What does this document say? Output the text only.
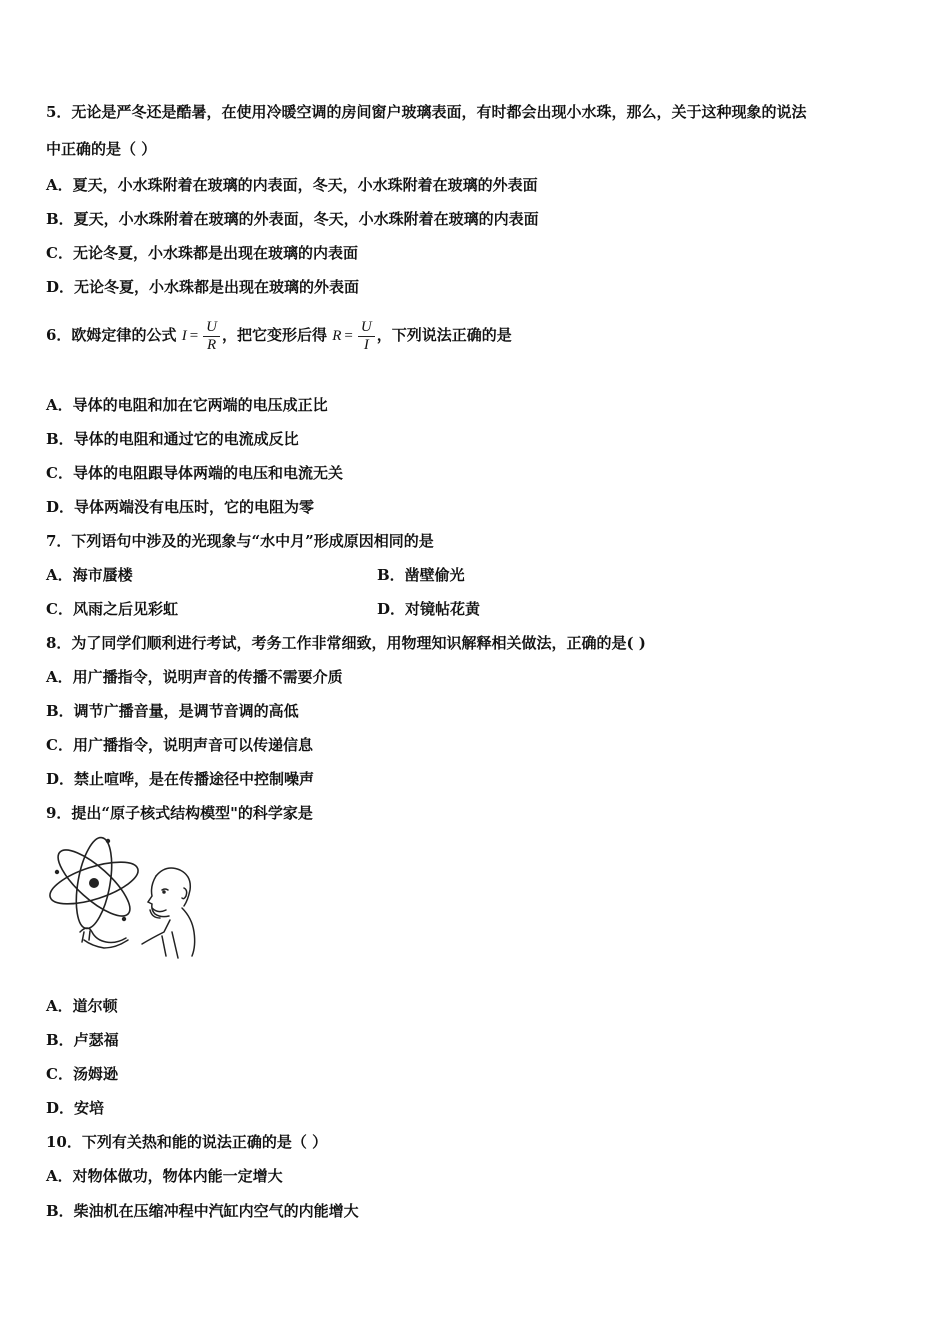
5．无论是严冬还是酷暑，在使用冷暖空调的房间窗户玻璃表面，有时都会出现小水珠，那么，关于这种现象的说法
中正确的是（ ）
A．夏天，小水珠附着在玻璃的内表面，冬天，小水珠附着在玻璃的外表面
B．夏天，小水珠附着在玻璃的外表面，冬天，小水珠附着在玻璃的内表面
C．无论冬夏，小水珠都是出现在玻璃的内表面
D．无论冬夏，小水珠都是出现在玻璃的外表面
6．欧姆定律的公式 $I = \frac{U}{R}$ ，把它变形后得 $R = \frac{U}{I}$ ，下列说法正确的是
A．导体的电阻和加在它两端的电压成正比
B．导体的电阻和通过它的电流成反比
C．导体的电阻跟导体两端的电压和电流无关
D．导体两端没有电压时，它的电阻为零
7．下列语句中涉及的光现象与“水中月”形成原因相同的是
A．海市蜃楼	B．凿壁偷光
C．风雨之后见彩虹	D．对镜帖花黄
8．为了同学们顺利进行考试，考务工作非常细致，用物理知识解释相关做法，正确的是( )
A．用广播指令，说明声音的传播不需要介质
B．调节广播音量，是调节音调的高低
C．用广播指令，说明声音可以传递信息
D．禁止喧哗，是在传播途径中控制噪声
9．提出“原子核式结构模型"的科学家是
A．道尔顿
B．卢瑟福
C．汤姆逊
D．安培
10．下列有关热和能的说法正确的是（ ）
A．对物体做功，物体内能一定增大
B．柴油机在压缩冲程中汽缸内空气的内能增大
